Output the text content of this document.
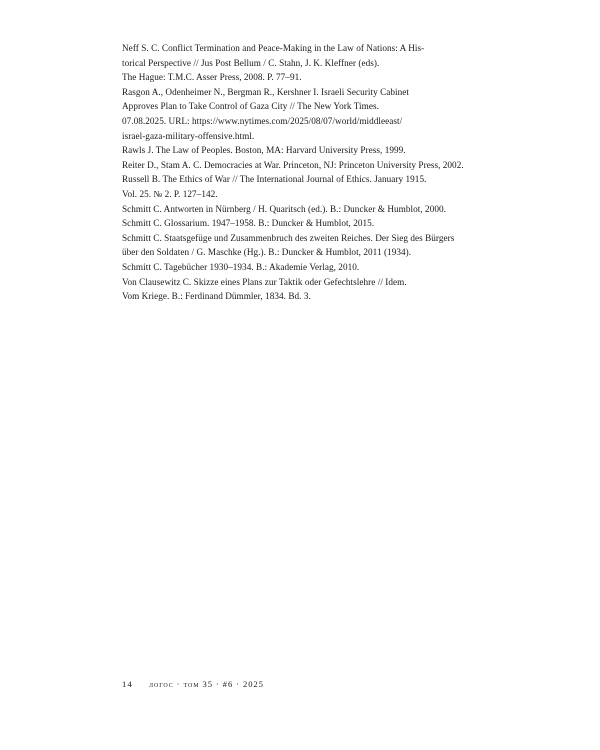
Neff S. C. Conflict Termination and Peace-Making in the Law of Nations: A His-
torical Perspective // Jus Post Bellum / C. Stahn, J. K. Kleffner (eds).
The Hague: T.M.C. Asser Press, 2008. P. 77–91.
Rasgon A., Odenheimer N., Bergman R., Kershner I. Israeli Security Cabinet
Approves Plan to Take Control of Gaza City // The New York Times.
07.08.2025. URL: https://www.nytimes.com/2025/08/07/world/middleeast/
israel-gaza-military-offensive.html.
Rawls J. The Law of Peoples. Boston, MA: Harvard University Press, 1999.
Reiter D., Stam A. C. Democracies at War. Princeton, NJ: Princeton University Press, 2002.
Russell B. The Ethics of War // The International Journal of Ethics. January 1915.
Vol. 25. № 2. P. 127–142.
Schmitt C. Antworten in Nürnberg / H. Quaritsch (ed.). B.: Duncker & Humblot, 2000.
Schmitt C. Glossarium. 1947–1958. B.: Duncker & Humblot, 2015.
Schmitt C. Staatsgefüge und Zusammenbruch des zweiten Reiches. Der Sieg des Bürgers
über den Soldaten / G. Maschke (Hg.). B.: Duncker & Humblot, 2011 (1934).
Schmitt C. Tagebücher 1930–1934. B.: Akademie Verlag, 2010.
Von Clausewitz C. Skizze eines Plans zur Taktik oder Gefechtslehre // Idem.
Vom Kriege. B.: Ferdinand Dümmler, 1834. Bd. 3.
14 логос · том 35 · #6 · 2025
